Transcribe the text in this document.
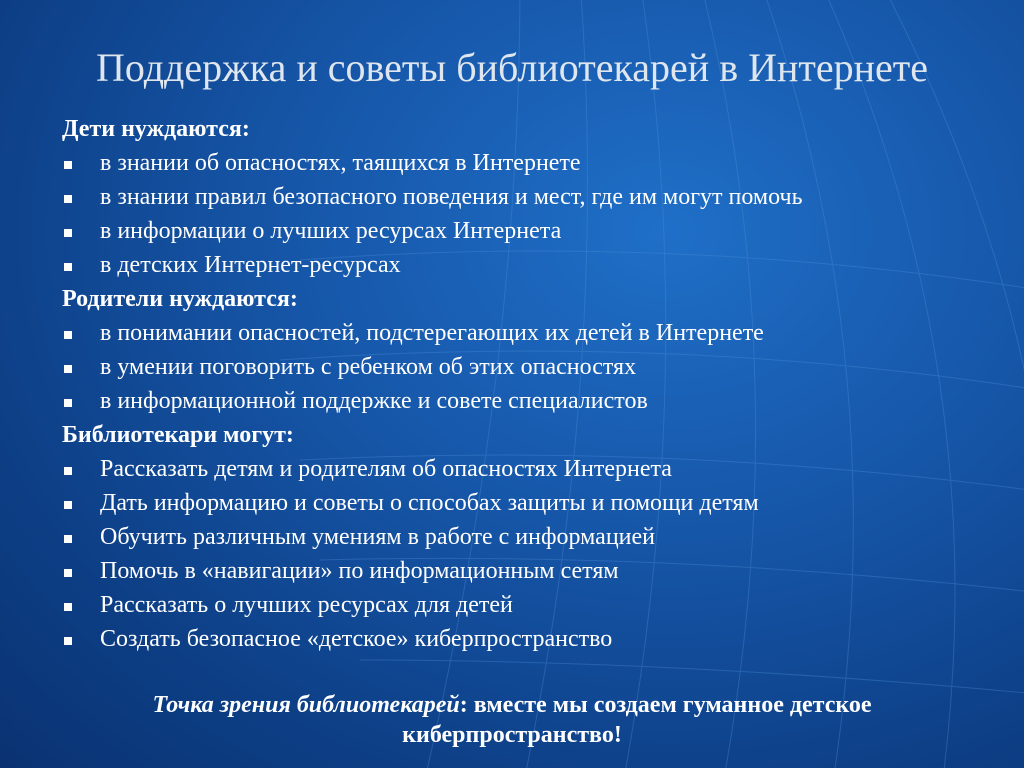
Поддержка и советы библиотекарей в Интернете
Дети нуждаются:
в знании об опасностях, таящихся в Интернете
в знании правил безопасного поведения и мест, где им могут помочь
в информации о лучших ресурсах Интернета
в детских Интернет-ресурсах
Родители нуждаются:
в понимании опасностей, подстерегающих их детей в Интернете
в умении поговорить с ребенком об этих опасностях
в информационной поддержке и совете специалистов
Библиотекари могут:
Рассказать детям и родителям об опасностях Интернета
Дать информацию и советы о способах защиты и помощи детям
Обучить различным умениям в работе с информацией
Помочь в «навигации» по информационным сетям
Рассказать о лучших ресурсах для детей
Создать безопасное «детское» киберпространство
Точка зрения библиотекарей: вместе мы создаем гуманное детское киберпространство!
